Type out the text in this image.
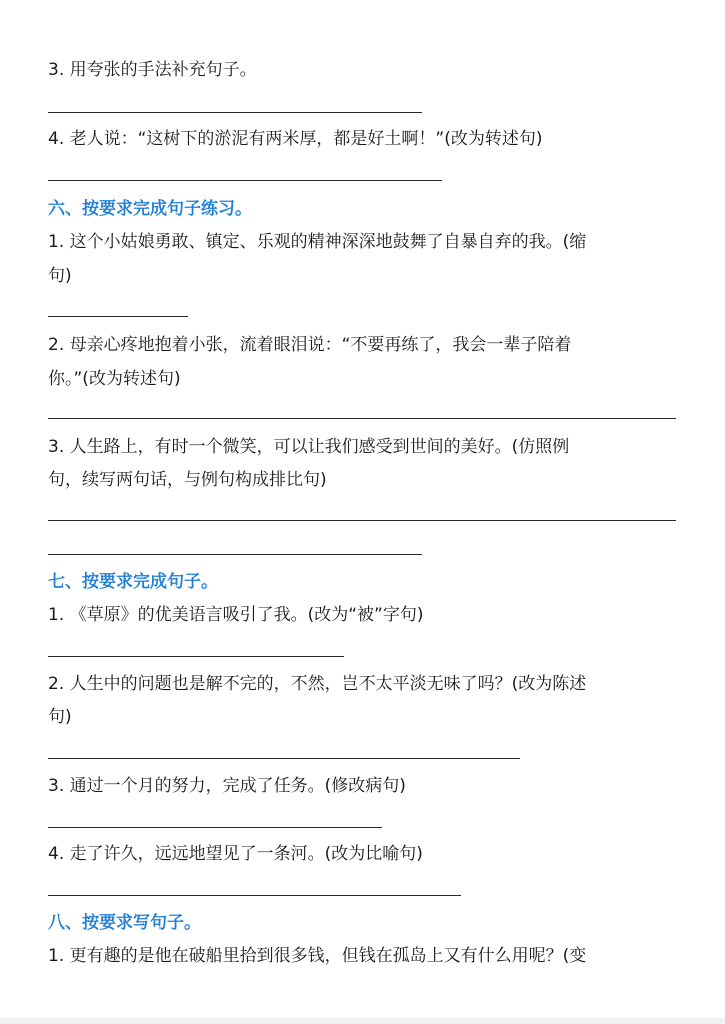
3. 用夸张的手法补充句子。
4. 老人说：“这树下的淤泥有两米厚，都是好土啊！”(改为转述句)
六、按要求完成句子练习。
1. 这个小姑娘勇敢、镇定、乐观的精神深深地鼓舞了自暴自弃的我。(缩
句)
2. 母亲心疼地抱着小张，流着眼泪说：“不要再练了，我会一辈子陪着
你。”(改为转述句)
3. 人生路上，有时一个微笑，可以让我们感受到世间的美好。(仿照例
句，续写两句话，与例句构成排比句)
七、按要求完成句子。
1. 《草原》的优美语言吸引了我。(改为“被”字句)
2. 人生中的问题也是解不完的，不然，岂不太平淡无味了吗？(改为陈述
句)
3. 通过一个月的努力，完成了任务。(修改病句)
4. 走了许久，远远地望见了一条河。(改为比喻句)
八、按要求写句子。
1. 更有趣的是他在破船里拾到很多钱，但钱在孤岛上又有什么用呢？(变
